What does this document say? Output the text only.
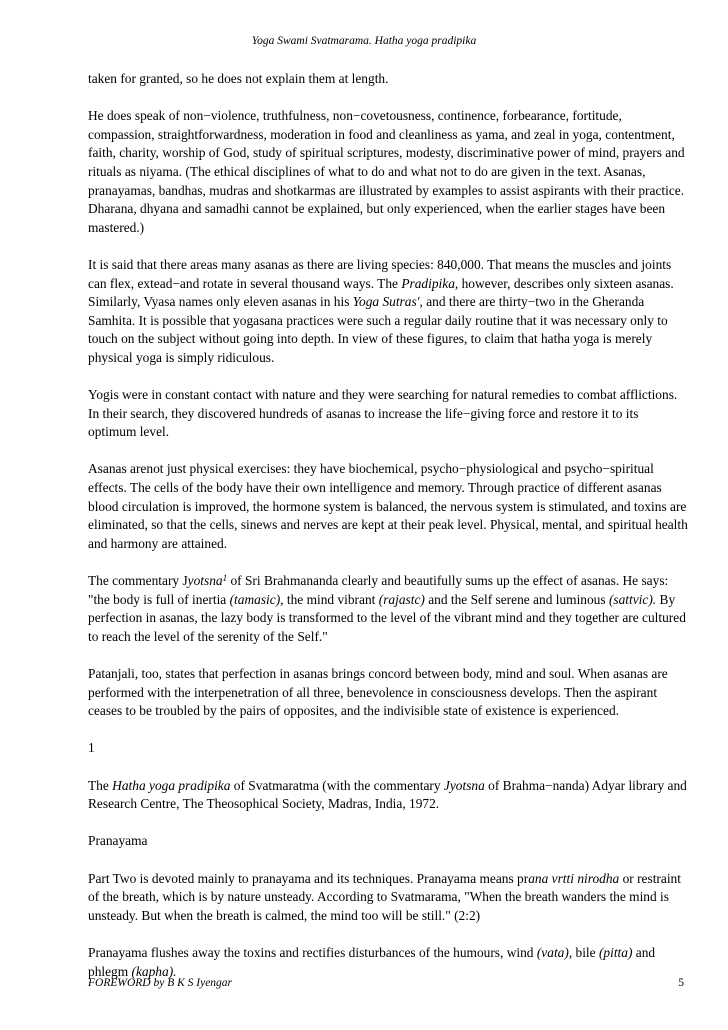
Yoga Swami Svatmarama. Hatha yoga pradipika

taken for granted, so he does not explain them at length.

He does speak of non−violence, truthfulness, non−covetousness, continence, forbearance, fortitude, compassion, straightforwardness, moderation in food and cleanliness as yama, and zeal in yoga, contentment, faith, charity, worship of God, study of spiritual scriptures, modesty, discriminative power of mind, prayers and rituals as niyama. (The ethical disciplines of what to do and what not to do are given in the text. Asanas, pranayamas, bandhas, mudras and shotkarmas are illustrated by examples to assist aspirants with their practice. Dharana, dhyana and samadhi cannot be explained, but only experienced, when the earlier stages have been mastered.)

It is said that there areas many asanas as there are living species: 840,000. That means the muscles and joints can flex, extead−and rotate in several thousand ways. The Pradipika, however, describes only sixteen asanas. Similarly, Vyasa names only eleven asanas in his Yoga Sutras', and there are thirty−two in the Gheranda Samhita. It is possible that yogasana practices were such a regular daily routine that it was necessary only to touch on the subject without going into depth. In view of these figures, to claim that hatha yoga is merely physical yoga is simply ridiculous.

Yogis were in constant contact with nature and they were searching for natural remedies to combat afflictions. In their search, they discovered hundreds of asanas to increase the life−giving force and restore it to its optimum level.

Asanas arenot just physical exercises: they have biochemical, psycho−physiological and psycho−spiritual effects. The cells of the body have their own intelligence and memory. Through practice of different asanas blood circulation is improved, the hormone system is balanced, the nervous system is stimulated, and toxins are eliminated, so that the cells, sinews and nerves are kept at their peak level. Physical, mental, and spiritual health and harmony are attained.

The commentary Jyotsna$^1$ of Sri Brahmananda clearly and beautifully sums up the effect of asanas. He says: "the body is full of inertia (tamasic), the mind vibrant (rajastc) and the Self serene and luminous (sattvic). By perfection in asanas, the lazy body is transformed to the level of the vibrant mind and they together are cultured to reach the level of the serenity of the Self."

Patanjali, too, states that perfection in asanas brings concord between body, mind and soul. When asanas are performed with the interpenetration of all three, benevolence in consciousness develops. Then the aspirant ceases to be troubled by the pairs of opposites, and the indivisible state of existence is experienced.

1

The Hatha yoga pradipika of Svatmaratma (with the commentary Jyotsna of Brahma−nanda) Adyar library and Research Centre, The Theosophical Society, Madras, India, 1972.

Pranayama

Part Two is devoted mainly to pranayama and its techniques. Pranayama means prana vrtti nirodha or restraint of the breath, which is by nature unsteady. According to Svatmarama, "When the breath wanders the mind is unsteady. But when the breath is calmed, the mind too will be still." (2:2)

Pranayama flushes away the toxins and rectifies disturbances of the humours, wind (vata), bile (pitta) and phlegm (kapha).

FOREWORD by B K S Iyengar	5
